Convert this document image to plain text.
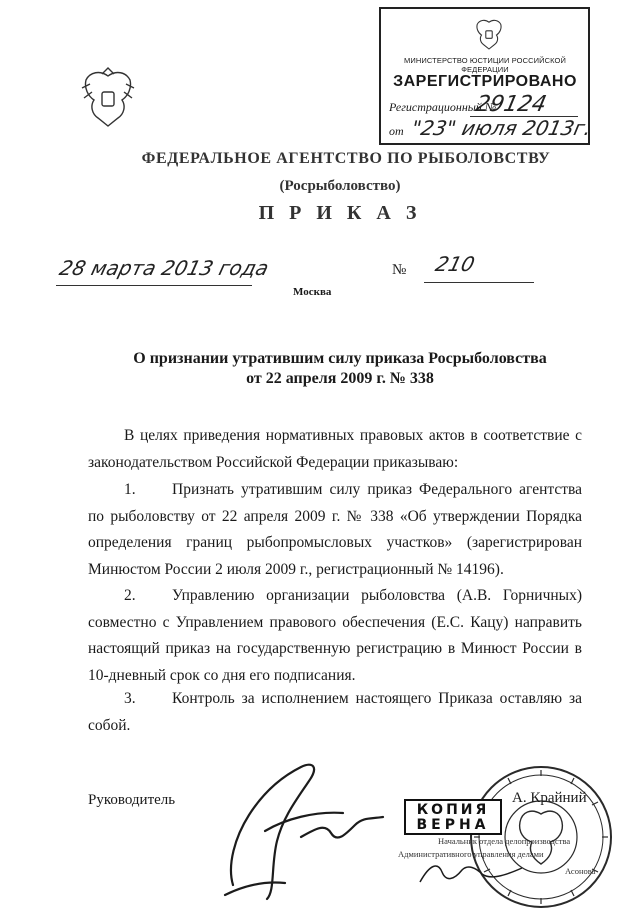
МИНИСТЕРСТВО ЮСТИЦИИ РОССИЙСКОЙ ФЕДЕРАЦИИ
ЗАРЕГИСТРИРОВАНО
Регистрационный №
29124
от "23" июля 2013г.
ФЕДЕРАЛЬНОЕ АГЕНТСТВО ПО РЫБОЛОВСТВУ
(Росрыболовство)
П Р И К А З
28 марта 2013 года
Москва
№ 210
О признании утратившим силу приказа Росрыболовства
от 22 апреля 2009 г. № 338
В целях приведения нормативных правовых актов в соответствие с законодательством Российской Федерации приказываю:
1. Признать утратившим силу приказ Федерального агентства по рыболовству от 22 апреля 2009 г. № 338 «Об утверждении Порядка определения границ рыбопромысловых участков» (зарегистрирован Минюстом России 2 июля 2009 г., регистрационный № 14196).
2. Управлению организации рыболовства (А.В. Горничных) совместно с Управлением правового обеспечения (Е.С. Кацу) направить настоящий приказ на государственную регистрацию в Минюст России в 10-дневный срок со дня его подписания.
3. Контроль за исполнением настоящего Приказа оставляю за собой.
Руководитель	А. Крайний
КОПИЯ
ВЕРНА
Начальник отдела делопроизводства
Административного управления делами
Асонова
